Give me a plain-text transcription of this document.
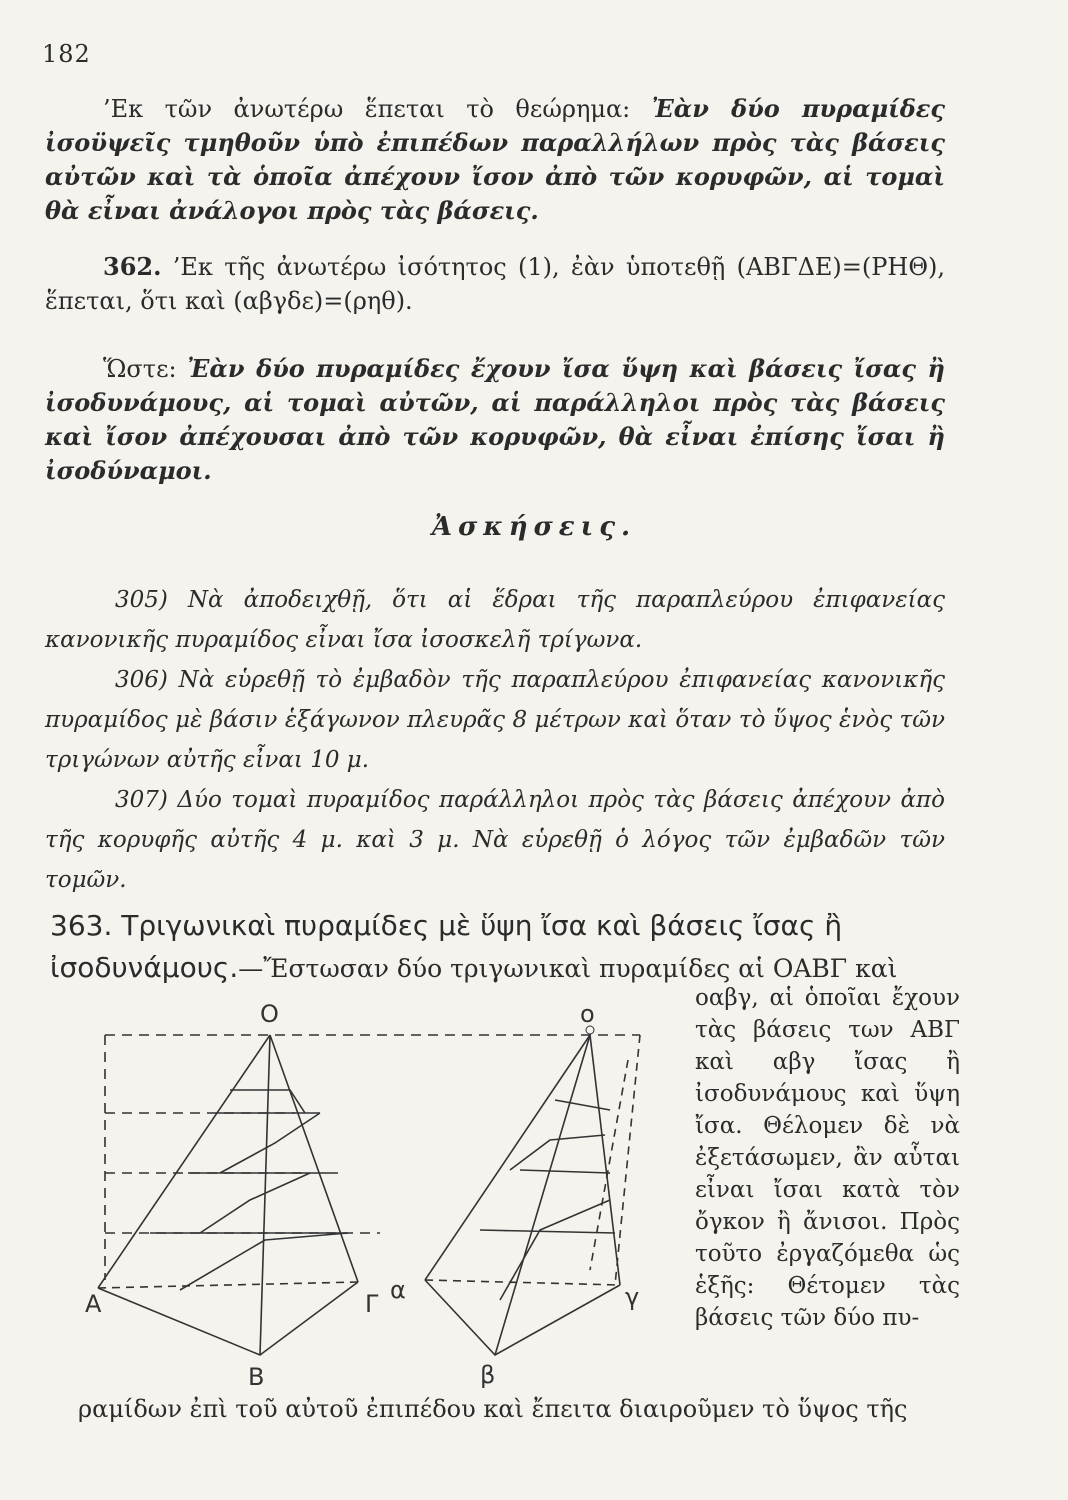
182
’Εκ τῶν ἀνωτέρω ἕπεται τὸ θεώρημα: Ἐὰν δύο πυραμίδες ἰσοϋψεῖς τμηθοῦν ὑπὸ ἐπιπέδων παραλλήλων πρὸς τὰς βάσεις αὐτῶν καὶ τὰ ὁποῖα ἀπέχουν ἴσον ἀπὸ τῶν κορυφῶν, αἱ τομαὶ θὰ εἶναι ἀνάλογοι πρὸς τὰς βάσεις.
362. ’Εκ τῆς ἀνωτέρω ἰσότητος (1), ἐὰν ὑποτεθῇ (ΑΒΓΔΕ)=(ΡΗΘ), ἕπεται, ὅτι καὶ (αβγδε)=(ρηθ).
Ὥστε: Ἐὰν δύο πυραμίδες ἔχουν ἴσα ὕψη καὶ βάσεις ἴσας ἢ ἰσοδυνάμους, αἱ τομαὶ αὐτῶν, αἱ παράλληλοι πρὸς τὰς βάσεις καὶ ἴσον ἀπέχουσαι ἀπὸ τῶν κορυφῶν, θὰ εἶναι ἐπίσης ἴσαι ἢ ἰσοδύναμοι.
Ἀσκήσεις.
305) Νὰ ἀποδειχθῇ, ὅτι αἱ ἕδραι τῆς παραπλεύρου ἐπιφανείας κανονικῆς πυραμίδος εἶναι ἴσα ἰσοσκελῆ τρίγωνα.
306) Νὰ εὑρεθῇ τὸ ἐμβαδὸν τῆς παραπλεύρου ἐπιφανείας κανονικῆς πυραμίδος μὲ βάσιν ἑξάγωνον πλευρᾶς 8 μέτρων καὶ ὅταν τὸ ὕψος ἑνὸς τῶν τριγώνων αὐτῆς εἶναι 10 μ.
307) Δύο τομαὶ πυραμίδος παράλληλοι πρὸς τὰς βάσεις ἀπέχουν ἀπὸ τῆς κορυφῆς αὐτῆς 4 μ. καὶ 3 μ. Νὰ εὑρεθῇ ὁ λόγος τῶν ἐμβαδῶν τῶν τομῶν.
363. Τριγωνικαὶ πυραμίδες μὲ ὕψη ἴσα καὶ βάσεις ἴσας ἢ ἰσοδυνάμους.—Ἔστωσαν δύο τριγωνικαὶ πυραμίδες αἱ ΟΑΒΓ καὶ
οαβγ, αἱ ὁποῖαι ἔχουν τὰς βάσεις των ΑΒΓ καὶ αβγ ἴσας ἢ ἰσοδυνάμους καὶ ὕψη ἴσα. Θέλομεν δὲ νὰ ἐξετάσωμεν, ἂν αὗται εἶναι ἴσαι κατὰ τὸν ὄγκον ἢ ἄνισοι. Πρὸς τοῦτο ἐργαζόμεθα ὡς ἑξῆς: Θέτομεν τὰς βάσεις τῶν δύο πυ-
O
A
B
Γ
o
α
β
γ
ραμίδων ἐπὶ τοῦ αὐτοῦ ἐπιπέδου καὶ ἔπειτα διαιροῦμεν τὸ ὕψος τῆς
